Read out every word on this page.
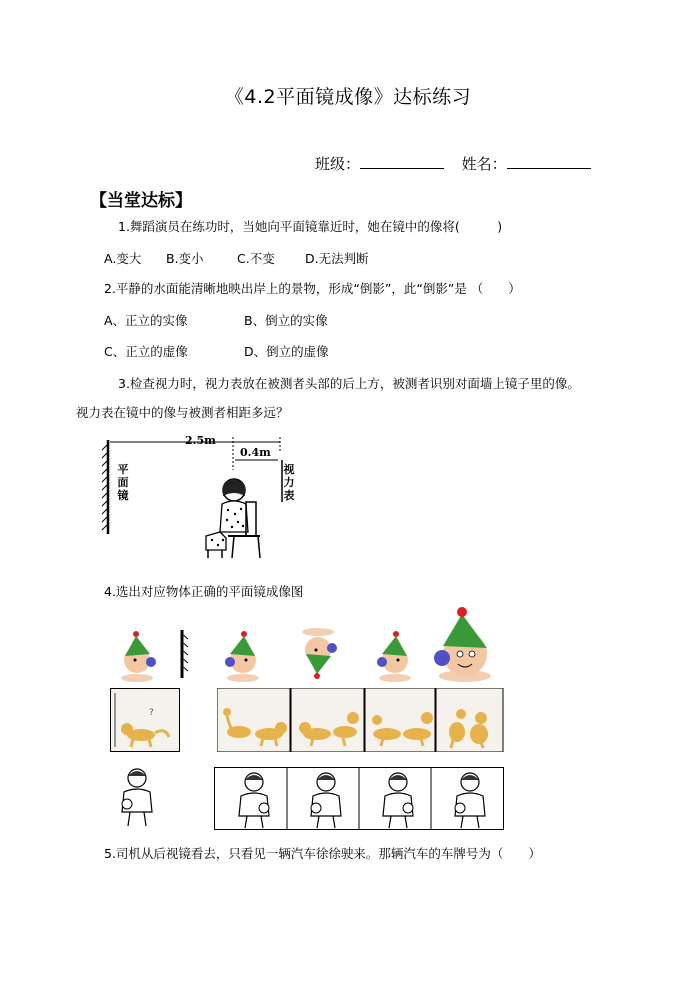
《4.2平面镜成像》达标练习
班级：	姓名：
【当堂达标】
1.舞蹈演员在练功时，当她向平面镜靠近时，她在镜中的像将(　　　)
A.变大 B.变小	C.不变 D.无法判断
2.平静的水面能清晰地映出岸上的景物，形成“倒影”，此“倒影”是 （　　）
A、正立的实像	B、倒立的实像
C、正立的虚像	D、倒立的虚像
3.检查视力时，视力表放在被测者头部的后上方，被测者识别对面墙上镜子里的像。
视力表在镜中的像与被测者相距多远？
2.5m
0.4m
平面镜
视力表
4.选出对应物体正确的平面镜成像图
?
5.司机从后视镜看去，只看见一辆汽车徐徐驶来。那辆汽车的车牌号为（　　）
